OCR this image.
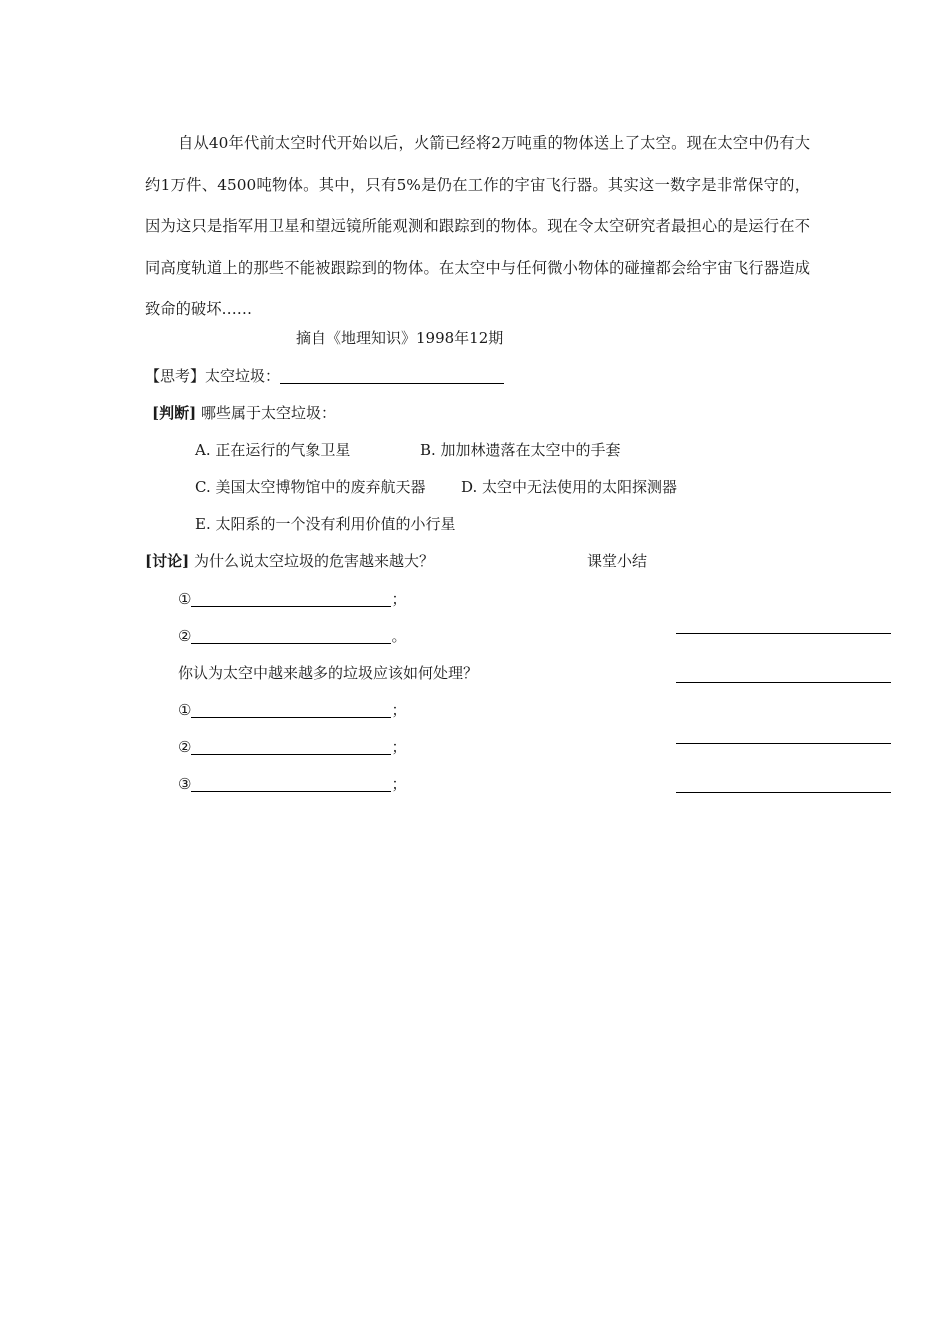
自从40年代前太空时代开始以后，火箭已经将2万吨重的物体送上了太空。现在太空中仍有大约1万件、4500吨物体。其中，只有5%是仍在工作的宇宙飞行器。其实这一数字是非常保守的，因为这只是指军用卫星和望远镜所能观测和跟踪到的物体。现在令太空研究者最担心的是运行在不同高度轨道上的那些不能被跟踪到的物体。在太空中与任何微小物体的碰撞都会给宇宙飞行器造成致命的破坏……
摘自《地理知识》1998年12期
【思考】太空垃圾：
[判断] 哪些属于太空垃圾：
A. 正在运行的气象卫星	B. 加加林遗落在太空中的手套
C. 美国太空博物馆中的废弃航天器 D. 太空中无法使用的太阳探测器
E. 太阳系的一个没有利用价值的小行星
[讨论] 为什么说太空垃圾的危害越来越大？	课堂小结
①	；
②	。
你认为太空中越来越多的垃圾应该如何处理？
①	；
②	；
③	；
